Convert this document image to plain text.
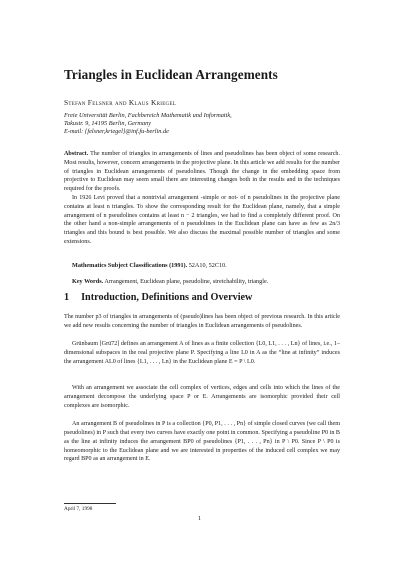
Triangles in Euclidean Arrangements
Stefan Felsner and Klaus Kriegel
Freie Universität Berlin, Fachbereich Mathematik und Informatik,
Takustr. 9, 14195 Berlin, Germany
E-mail: {felsner,kriegel}@inf.fu-berlin.de
Abstract. The number of triangles in arrangements of lines and pseudolines has been object of some research. Most results, however, concern arrangements in the projective plane. In this article we add results for the number of triangles in Euclidean arrangements of pseudolines. Though the change in the embedding space from projective to Euclidean may seem small there are interesting changes both in the results and in the techniques required for the proofs.
In 1926 Levi proved that a nontrivial arrangement -simple or not- of n pseudolines in the projective plane contains at least n triangles. To show the corresponding result for the Euclidean plane, namely, that a simple arrangement of n pseudolines contains at least n − 2 triangles, we had to find a completely different proof. On the other hand a non-simple arrangements of n pseudolines in the Euclidean plane can have as few as 2n/3 triangles and this bound is best possible. We also discuss the maximal possible number of triangles and some extensions.
Mathematics Subject Classifications (1991). 52A10, 52C10.
Key Words. Arrangement, Euclidean plane, pseudoline, stretchability, triangle.
1 Introduction, Definitions and Overview
The number p3 of triangles in arrangements of (pseudo)lines has been object of previous research. In this article we add new results concerning the number of triangles in Euclidean arrangements of pseudolines.
Grünbaum [Grü72] defines an arrangement A of lines as a finite collection {L0, L1, . . . , Ln} of lines, i.e., 1–dimensional subspaces in the real projective plane P. Specifying a line L0 in A as the “line at infinity” induces the arrangement AL0 of lines {L1, . . . , Ln} in the Euclidean plane E = P \ L0.
With an arrangement we associate the cell complex of vertices, edges and cells into which the lines of the arrangement decompose the underlying space P or E. Arrangements are isomorphic provided their cell complexes are isomorphic.
An arrangement B of pseudolines in P is a collection {P0, P1, . . . , Pn} of simple closed curves (we call them pseudolines) in P such that every two curves have exactly one point in common. Specifying a pseudoline P0 in B as the line at infinity induces the arrangement BP0 of pseudolines {P1, . . . , Pn} in P \ P0. Since P \ P0 is homeomorphic to the Euclidean plane and we are interested in properties of the induced cell complex we may regard BP0 as an arrangement in E.
April 7, 1998
1
